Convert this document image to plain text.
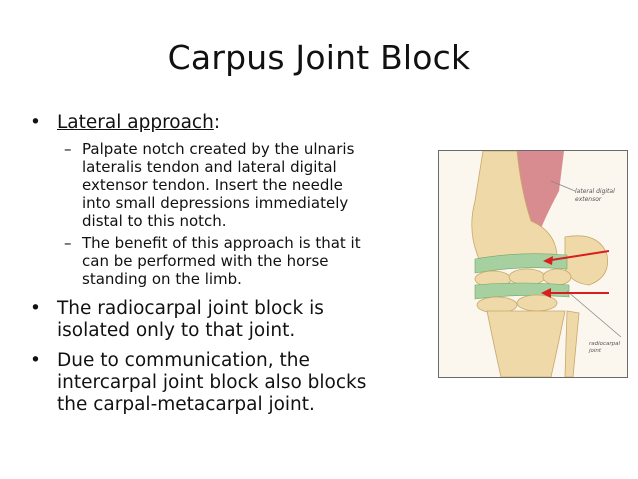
Carpus Joint Block
• Lateral approach:
– Palpate notch created by the ulnaris
lateralis tendon and lateral digital
extensor tendon. Insert the needle
into small depressions immediately
distal to this notch.
– The benefit of this approach is that it
can be performed with the horse
standing on the limb.
• The radiocarpal joint block is
isolated only to that joint.
• Due to communication, the
intercarpal joint block also blocks
the carpal-metacarpal joint.
lateral digital
extensor
radiocarpal
joint
